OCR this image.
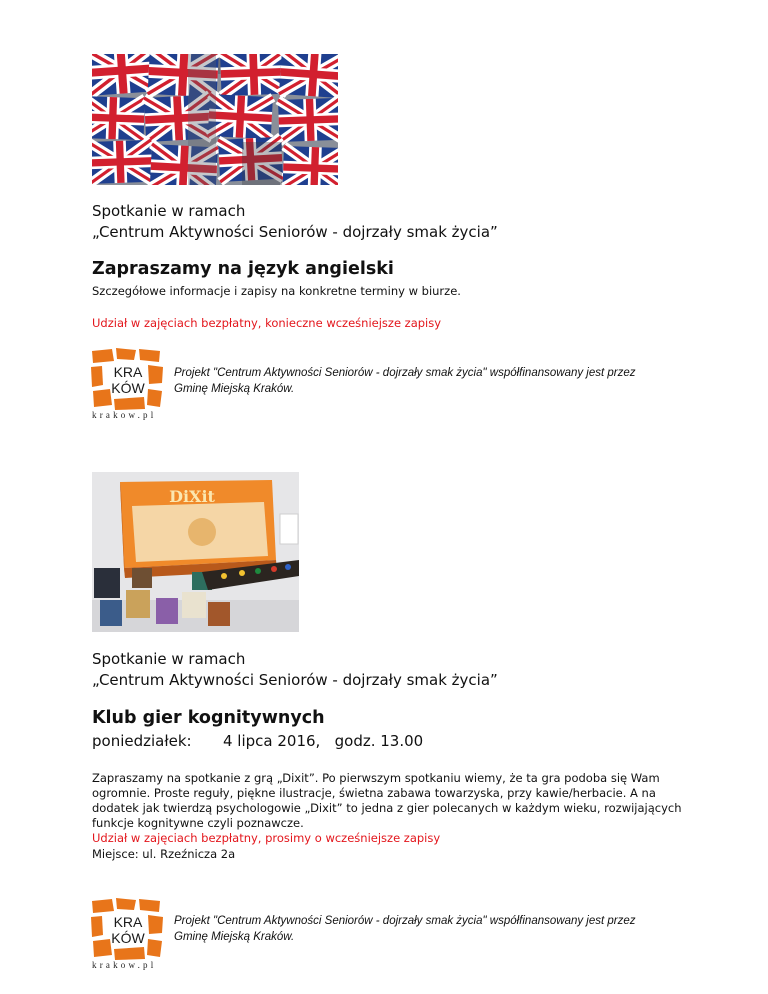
Spotkanie w ramach
„Centrum Aktywności Seniorów - dojrzały smak życia”
Zapraszamy na język angielski
Szczegółowe informacje i zapisy na konkretne terminy w biurze.
Udział w zajęciach bezpłatny, konieczne wcześniejsze zapisy
KRA
KÓW
krakow.pl
Projekt "Centrum Aktywności Seniorów - dojrzały smak życia" współfinansowany jest przez
Gminę Miejską Kraków.
DiXit
Spotkanie w ramach
„Centrum Aktywności Seniorów - dojrzały smak życia”
Klub gier kognitywnych
poniedziałek: 4 lipca 2016,   godz. 13.00
Zapraszamy na spotkanie z grą „Dixit”. Po pierwszym spotkaniu wiemy, że ta gra podoba się Wam
ogromnie. Proste reguły, piękne ilustracje, świetna zabawa towarzyska, przy kawie/herbacie. A na
dodatek jak twierdzą psychologowie „Dixit” to jedna z gier polecanych w każdym wieku, rozwijających
funkcje kognitywne czyli poznawcze.
Udział w zajęciach bezpłatny, prosimy o wcześniejsze zapisy
Miejsce: ul. Rzeźnicza 2a
KRA
KÓW
krakow.pl
Projekt "Centrum Aktywności Seniorów - dojrzały smak życia" współfinansowany jest przez
Gminę Miejską Kraków.
